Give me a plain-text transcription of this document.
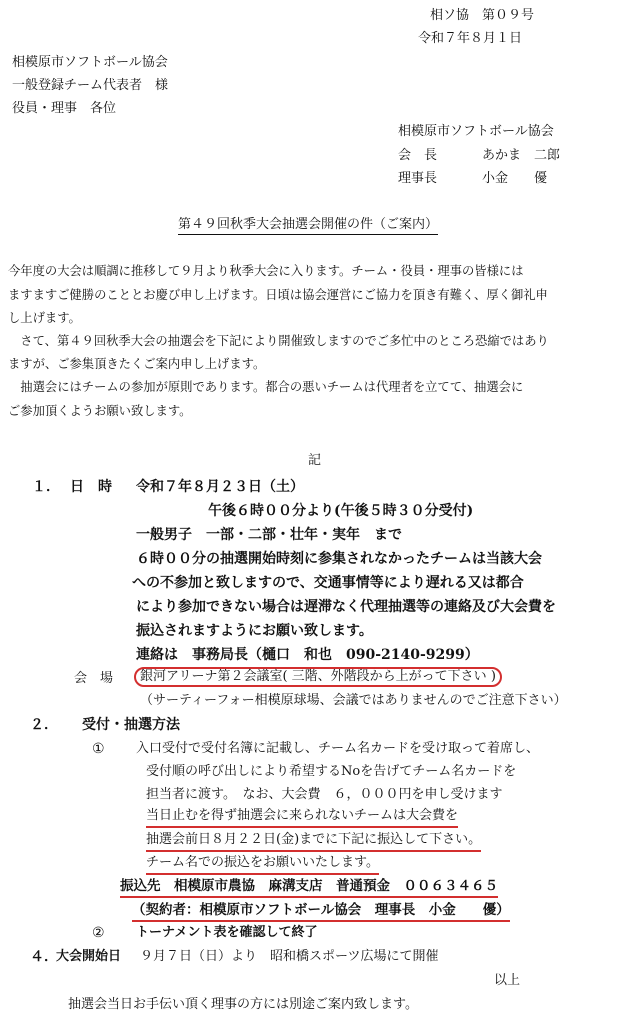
相ソ協　第０９号
令和７年８月１日
相模原市ソフトボール協会
一般登録チーム代表者　様
役員・理事　各位
相模原市ソフトボール協会
会　長	あかま　二郎
理事長	小金　　優
第４９回秋季大会抽選会開催の件（ご案内）
今年度の大会は順調に推移して９月より秋季大会に入ります。チーム・役員・理事の皆様には
ますますご健勝のこととお慶び申し上げます。日頃は協会運営にご協力を頂き有難く、厚く御礼申
し上げます。
　さて、第４９回秋季大会の抽選会を下記により開催致しますのでご多忙中のところ恐縮ではあり
ますが、ご参集頂きたくご案内申し上げます。
　抽選会にはチームの参加が原則であります。都合の悪いチームは代理者を立てて、抽選会に
ご参加頂くようお願い致します。
記
１． 日　時 令和７年８月２３日（土）
午後６時００分より(午後５時３０分受付)
一般男子　一部・二部・壮年・実年　まで
６時００分の抽選開始時刻に参集されなかったチームは当該大会
への不参加と致しますので、交通事情等により遅れる又は都合
により参加できない場合は遅滞なく代理抽選等の連絡及び大会費を
振込されますようにお願い致します。
連絡は　事務局長（樋口　和也　090-2140-9299）
会　場	銀河アリーナ第２会議室( 三階、外階段から上がって下さい )
（サーティーフォー相模原球場、会議ではありませんのでご注意下さい）
２． 受付・抽選方法
① 入口受付で受付名簿に記載し、チーム名カードを受け取って着席し、
受付順の呼び出しにより希望するNoを告げてチーム名カードを
担当者に渡す。　なお、大会費　６，０００円を申し受けます
当日止むを得ず抽選会に来られないチームは大会費を
抽選会前日８月２２日(金)までに下記に振込して下さい。
チーム名での振込をお願いいたします。
振込先　相模原市農協　麻溝支店　普通預金　００６３４６５
（契約者：相模原市ソフトボール協会　理事長　小金　　優）
② トーナメント表を確認して終了
４．
大会開始日 ９月７日（日）より　昭和橋スポーツ広場にて開催
以上
抽選会当日お手伝い頂く理事の方には別途ご案内致します。
